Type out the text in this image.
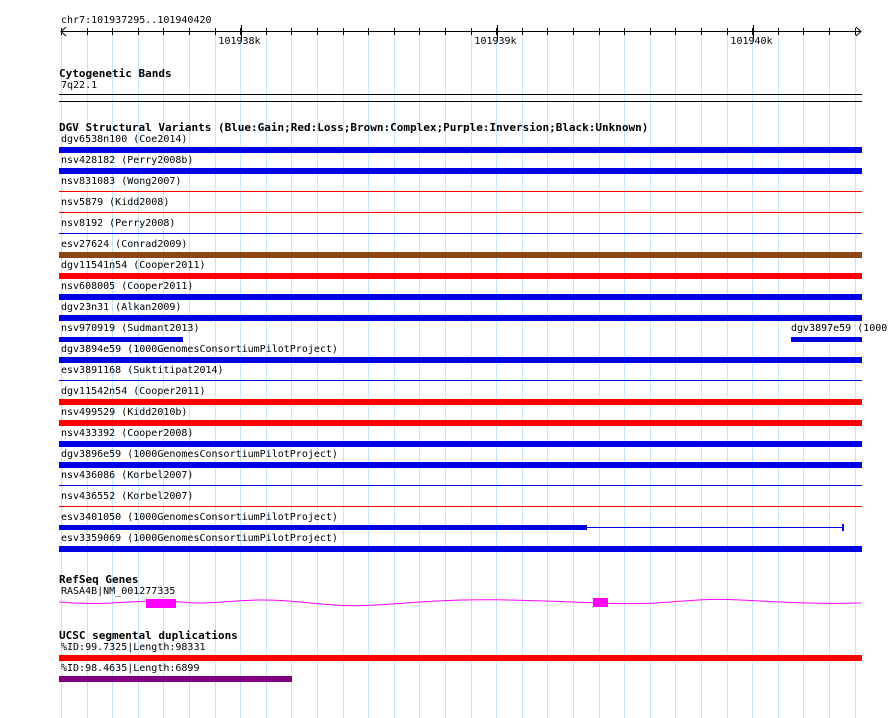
chr7:101937295..101940420
101938k	101939k	101940k
Cytogenetic Bands
7q22.1
DGV Structural Variants (Blue:Gain;Red:Loss;Brown:Complex;Purple:Inversion;Black:Unknown)
dgv6538n100 (Coe2014)
nsv428182 (Perry2008b)
nsv831083 (Wong2007)
nsv5879 (Kidd2008)
nsv8192 (Perry2008)
esv27624 (Conrad2009)
dgv11541n54 (Cooper2011)
nsv608005 (Cooper2011)
dgv23n31 (Alkan2009)
nsv970919 (Sudmant2013)	dgv3897e59 (1000
dgv3894e59 (1000GenomesConsortiumPilotProject)
esv3891168 (Suktitipat2014)
dgv11542n54 (Cooper2011)
nsv499529 (Kidd2010b)
nsv433392 (Cooper2008)
dgv3896e59 (1000GenomesConsortiumPilotProject)
nsv436086 (Korbel2007)
nsv436552 (Korbel2007)
esv3401050 (1000GenomesConsortiumPilotProject)
esv3359069 (1000GenomesConsortiumPilotProject)
RefSeq Genes
RASA4B|NM_001277335
UCSC segmental duplications
%ID:99.7325|Length:98331
%ID:98.4635|Length:6899
